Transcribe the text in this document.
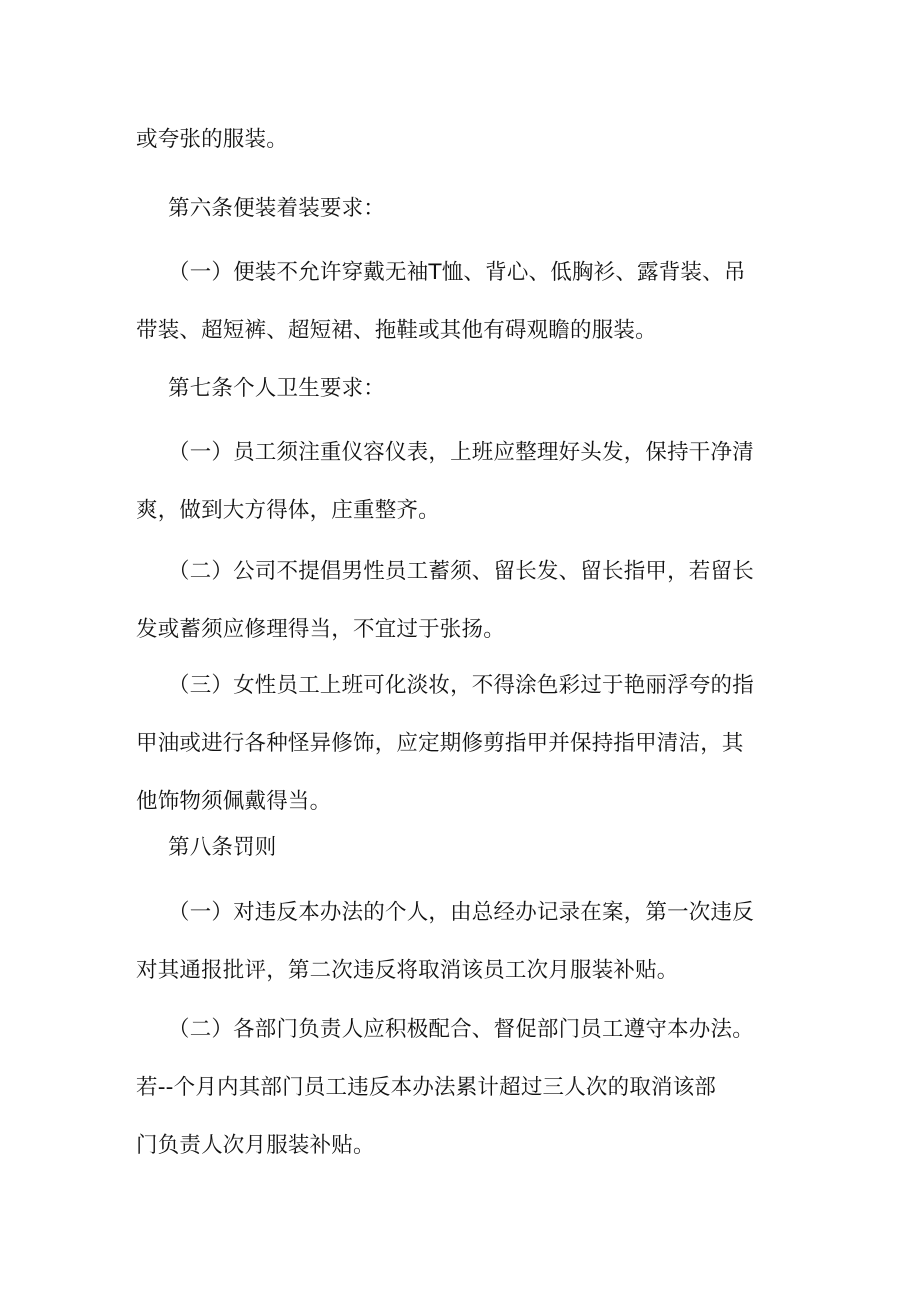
或夸张的服装。

第六条便装着装要求：

（一）便装不允许穿戴无袖T恤、背心、低胸衫、露背装、吊
带装、超短裤、超短裙、拖鞋或其他有碍观瞻的服装。

第七条个人卫生要求：

（一）员工须注重仪容仪表，上班应整理好头发，保持干净清
爽，做到大方得体，庄重整齐。

（二）公司不提倡男性员工蓄须、留长发、留长指甲，若留长
发或蓄须应修理得当，不宜过于张扬。

（三）女性员工上班可化淡妆，不得涂色彩过于艳丽浮夸的指
甲油或进行各种怪异修饰，应定期修剪指甲并保持指甲清洁，其
他饰物须佩戴得当。

第八条罚则

（一）对违反本办法的个人，由总经办记录在案，第一次违反
对其通报批评，第二次违反将取消该员工次月服装补贴。

（二）各部门负责人应积极配合、督促部门员工遵守本办法。
若--个月内其部门员工违反本办法累计超过三人次的取消该部
门负责人次月服装补贴。
